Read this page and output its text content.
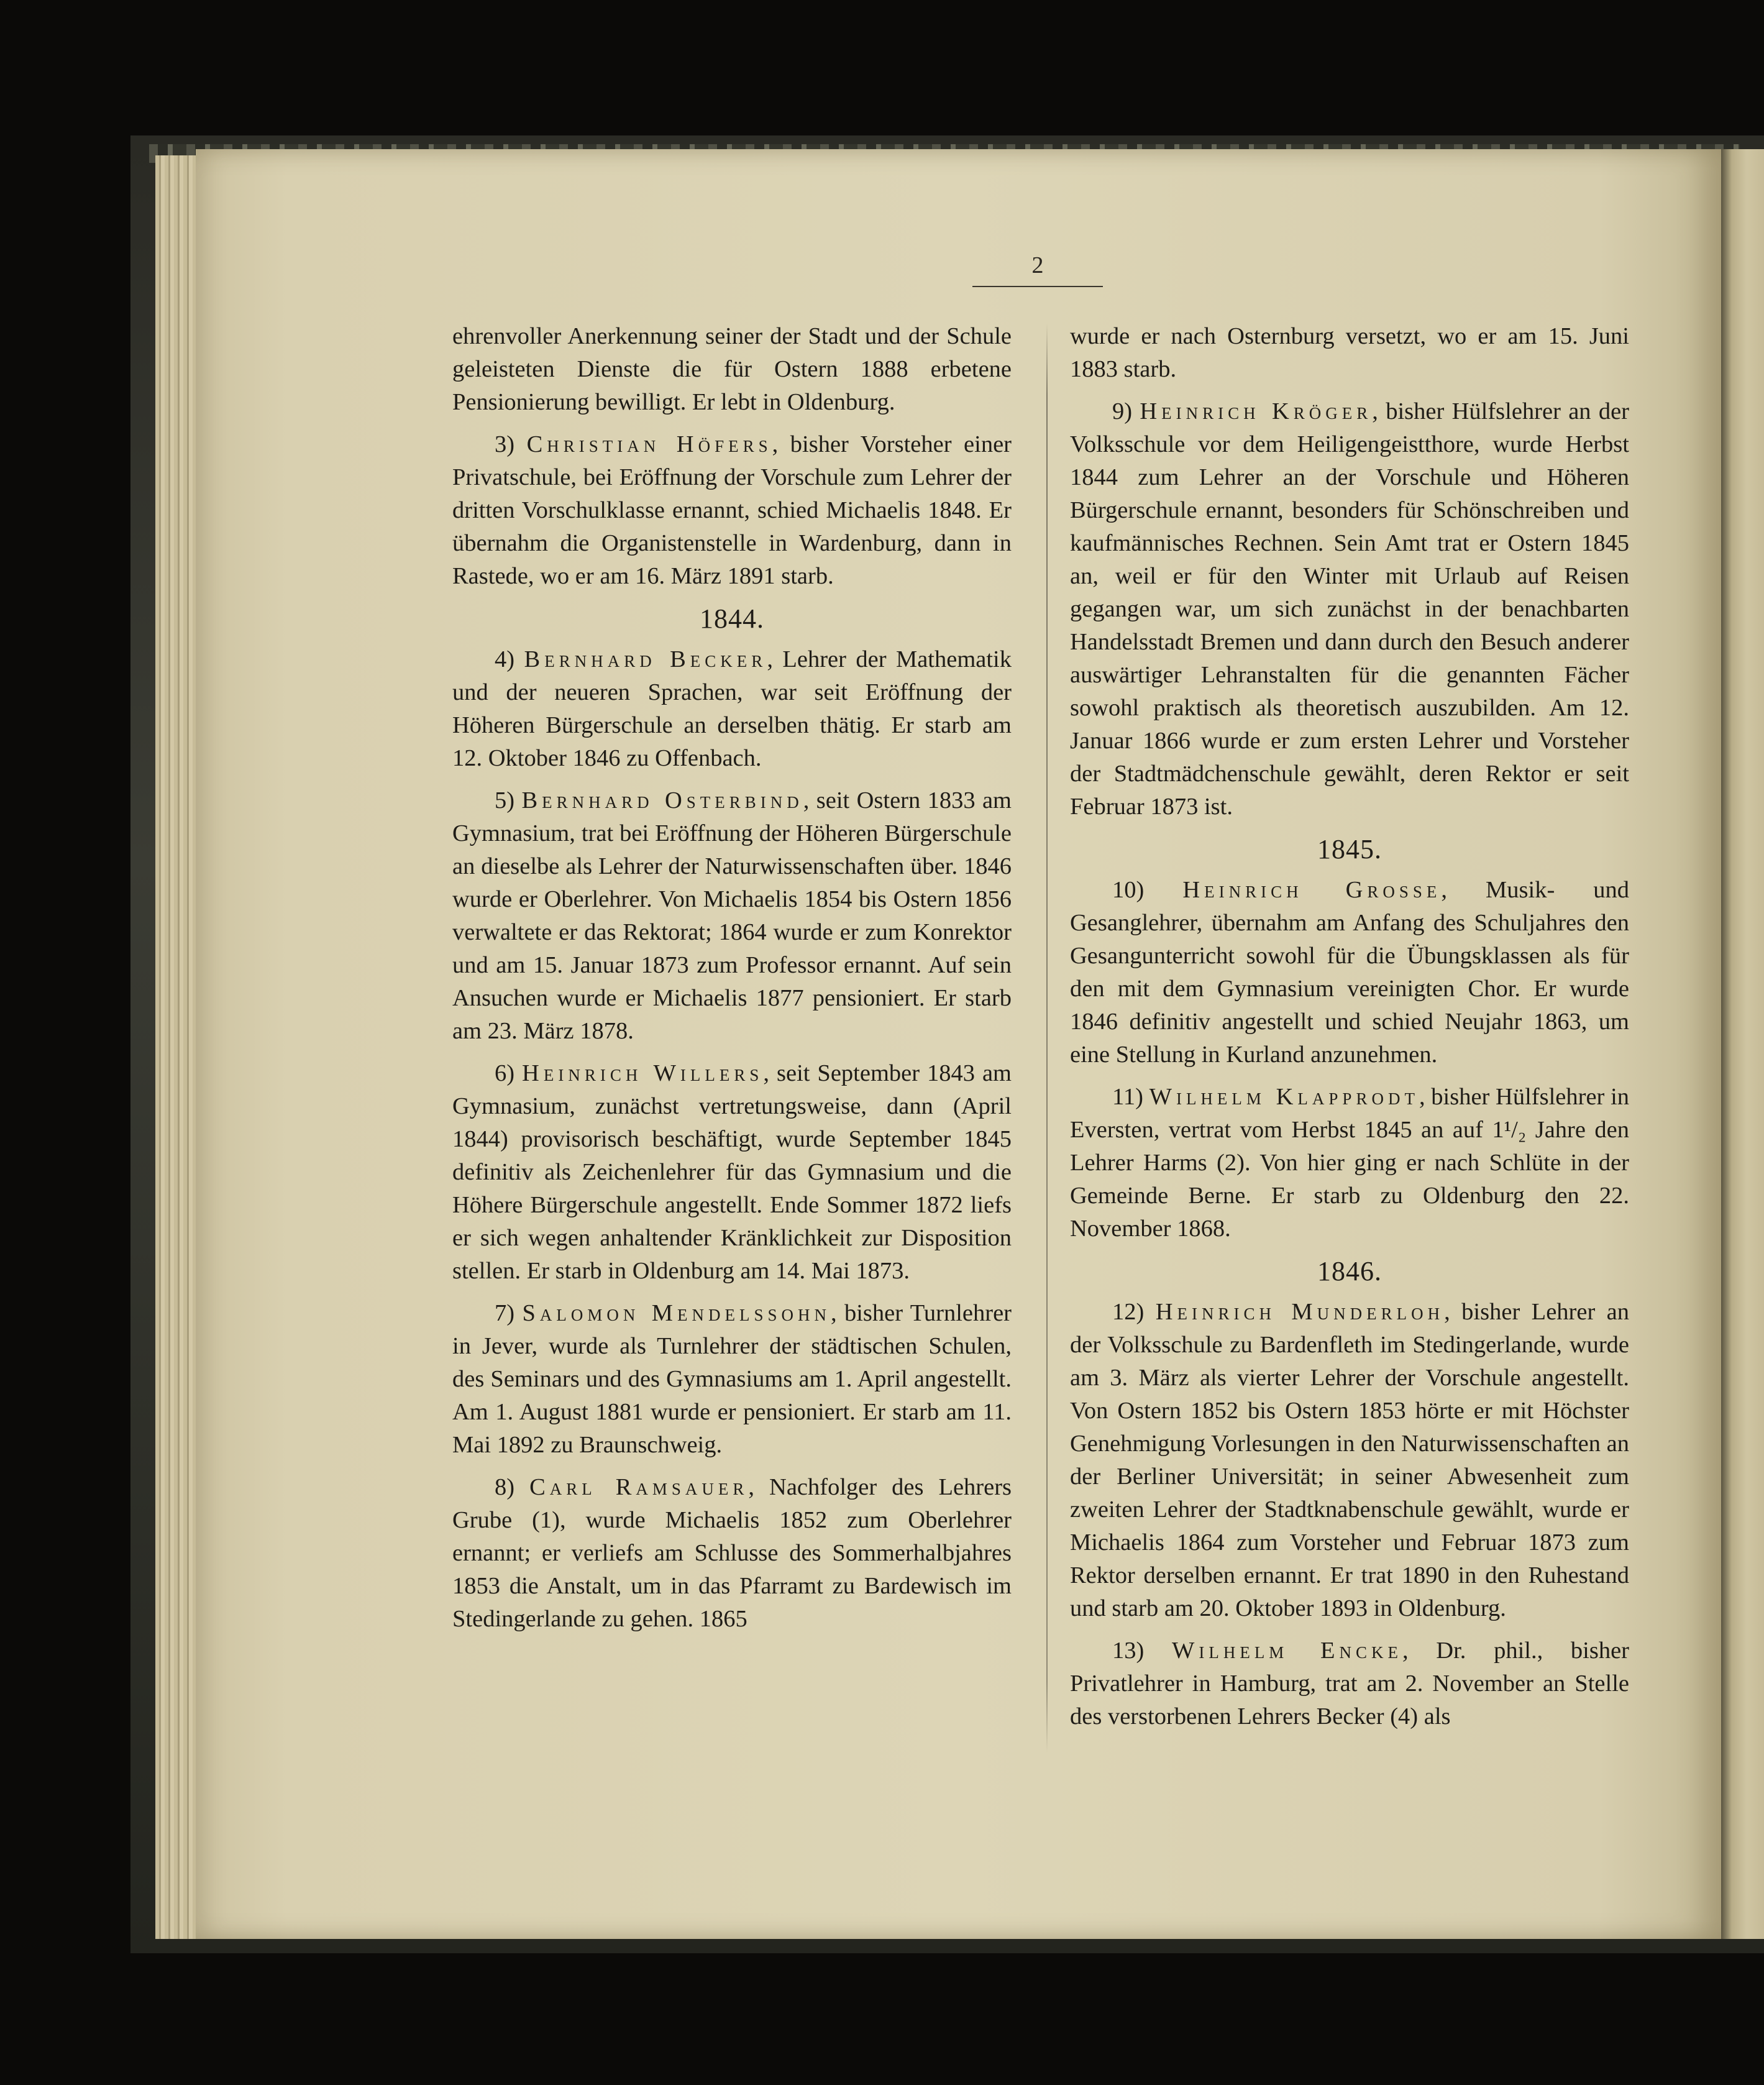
2

ehrenvoller Anerkennung seiner der Stadt und der Schule geleisteten Dienste die für Ostern 1888 erbetene Pensionierung bewilligt. Er lebt in Oldenburg.

3) Christian Höfers, bisher Vorsteher einer Privatschule, bei Eröffnung der Vorschule zum Lehrer der dritten Vorschulklasse ernannt, schied Michaelis 1848. Er übernahm die Organistenstelle in Wardenburg, dann in Rastede, wo er am 16. März 1891 starb.

1844.

4) Bernhard Becker, Lehrer der Mathematik und der neueren Sprachen, war seit Eröffnung der Höheren Bürgerschule an derselben thätig. Er starb am 12. Oktober 1846 zu Offenbach.

5) Bernhard Osterbind, seit Ostern 1833 am Gymnasium, trat bei Eröffnung der Höheren Bürgerschule an dieselbe als Lehrer der Naturwissenschaften über. 1846 wurde er Oberlehrer. Von Michaelis 1854 bis Ostern 1856 verwaltete er das Rektorat; 1864 wurde er zum Konrektor und am 15. Januar 1873 zum Professor ernannt. Auf sein Ansuchen wurde er Michaelis 1877 pensioniert. Er starb am 23. März 1878.

6) Heinrich Willers, seit September 1843 am Gymnasium, zunächst vertretungsweise, dann (April 1844) provisorisch beschäftigt, wurde September 1845 definitiv als Zeichenlehrer für das Gymnasium und die Höhere Bürgerschule angestellt. Ende Sommer 1872 liefs er sich wegen anhaltender Kränklichkeit zur Disposition stellen. Er starb in Oldenburg am 14. Mai 1873.

7) Salomon Mendelssohn, bisher Turnlehrer in Jever, wurde als Turnlehrer der städtischen Schulen, des Seminars und des Gymnasiums am 1. April angestellt. Am 1. August 1881 wurde er pensioniert. Er starb am 11. Mai 1892 zu Braunschweig.

8) Carl Ramsauer, Nachfolger des Lehrers Grube (1), wurde Michaelis 1852 zum Oberlehrer ernannt; er verliefs am Schlusse des Sommerhalbjahres 1853 die Anstalt, um in das Pfarramt zu Bardewisch im Stedingerlande zu gehen. 1865

wurde er nach Osternburg versetzt, wo er am 15. Juni 1883 starb.

9) Heinrich Kröger, bisher Hülfslehrer an der Volksschule vor dem Heiligengeistthore, wurde Herbst 1844 zum Lehrer an der Vorschule und Höheren Bürgerschule ernannt, besonders für Schönschreiben und kaufmännisches Rechnen. Sein Amt trat er Ostern 1845 an, weil er für den Winter mit Urlaub auf Reisen gegangen war, um sich zunächst in der benachbarten Handelsstadt Bremen und dann durch den Besuch anderer auswärtiger Lehranstalten für die genannten Fächer sowohl praktisch als theoretisch auszubilden. Am 12. Januar 1866 wurde er zum ersten Lehrer und Vorsteher der Stadtmädchenschule gewählt, deren Rektor er seit Februar 1873 ist.

1845.

10) Heinrich Grosse, Musik- und Gesanglehrer, übernahm am Anfang des Schuljahres den Gesangunterricht sowohl für die Übungsklassen als für den mit dem Gymnasium vereinigten Chor. Er wurde 1846 definitiv angestellt und schied Neujahr 1863, um eine Stellung in Kurland anzunehmen.

11) Wilhelm Klapprodt, bisher Hülfslehrer in Eversten, vertrat vom Herbst 1845 an auf 1¹/₂ Jahre den Lehrer Harms (2). Von hier ging er nach Schlüte in der Gemeinde Berne. Er starb zu Oldenburg den 22. November 1868.

1846.

12) Heinrich Munderloh, bisher Lehrer an der Volksschule zu Bardenfleth im Stedingerlande, wurde am 3. März als vierter Lehrer der Vorschule angestellt. Von Ostern 1852 bis Ostern 1853 hörte er mit Höchster Genehmigung Vorlesungen in den Naturwissenschaften an der Berliner Universität; in seiner Abwesenheit zum zweiten Lehrer der Stadtknabenschule gewählt, wurde er Michaelis 1864 zum Vorsteher und Februar 1873 zum Rektor derselben ernannt. Er trat 1890 in den Ruhestand und starb am 20. Oktober 1893 in Oldenburg.

13) Wilhelm Encke, Dr. phil., bisher Privatlehrer in Hamburg, trat am 2. November an Stelle des verstorbenen Lehrers Becker (4) als
